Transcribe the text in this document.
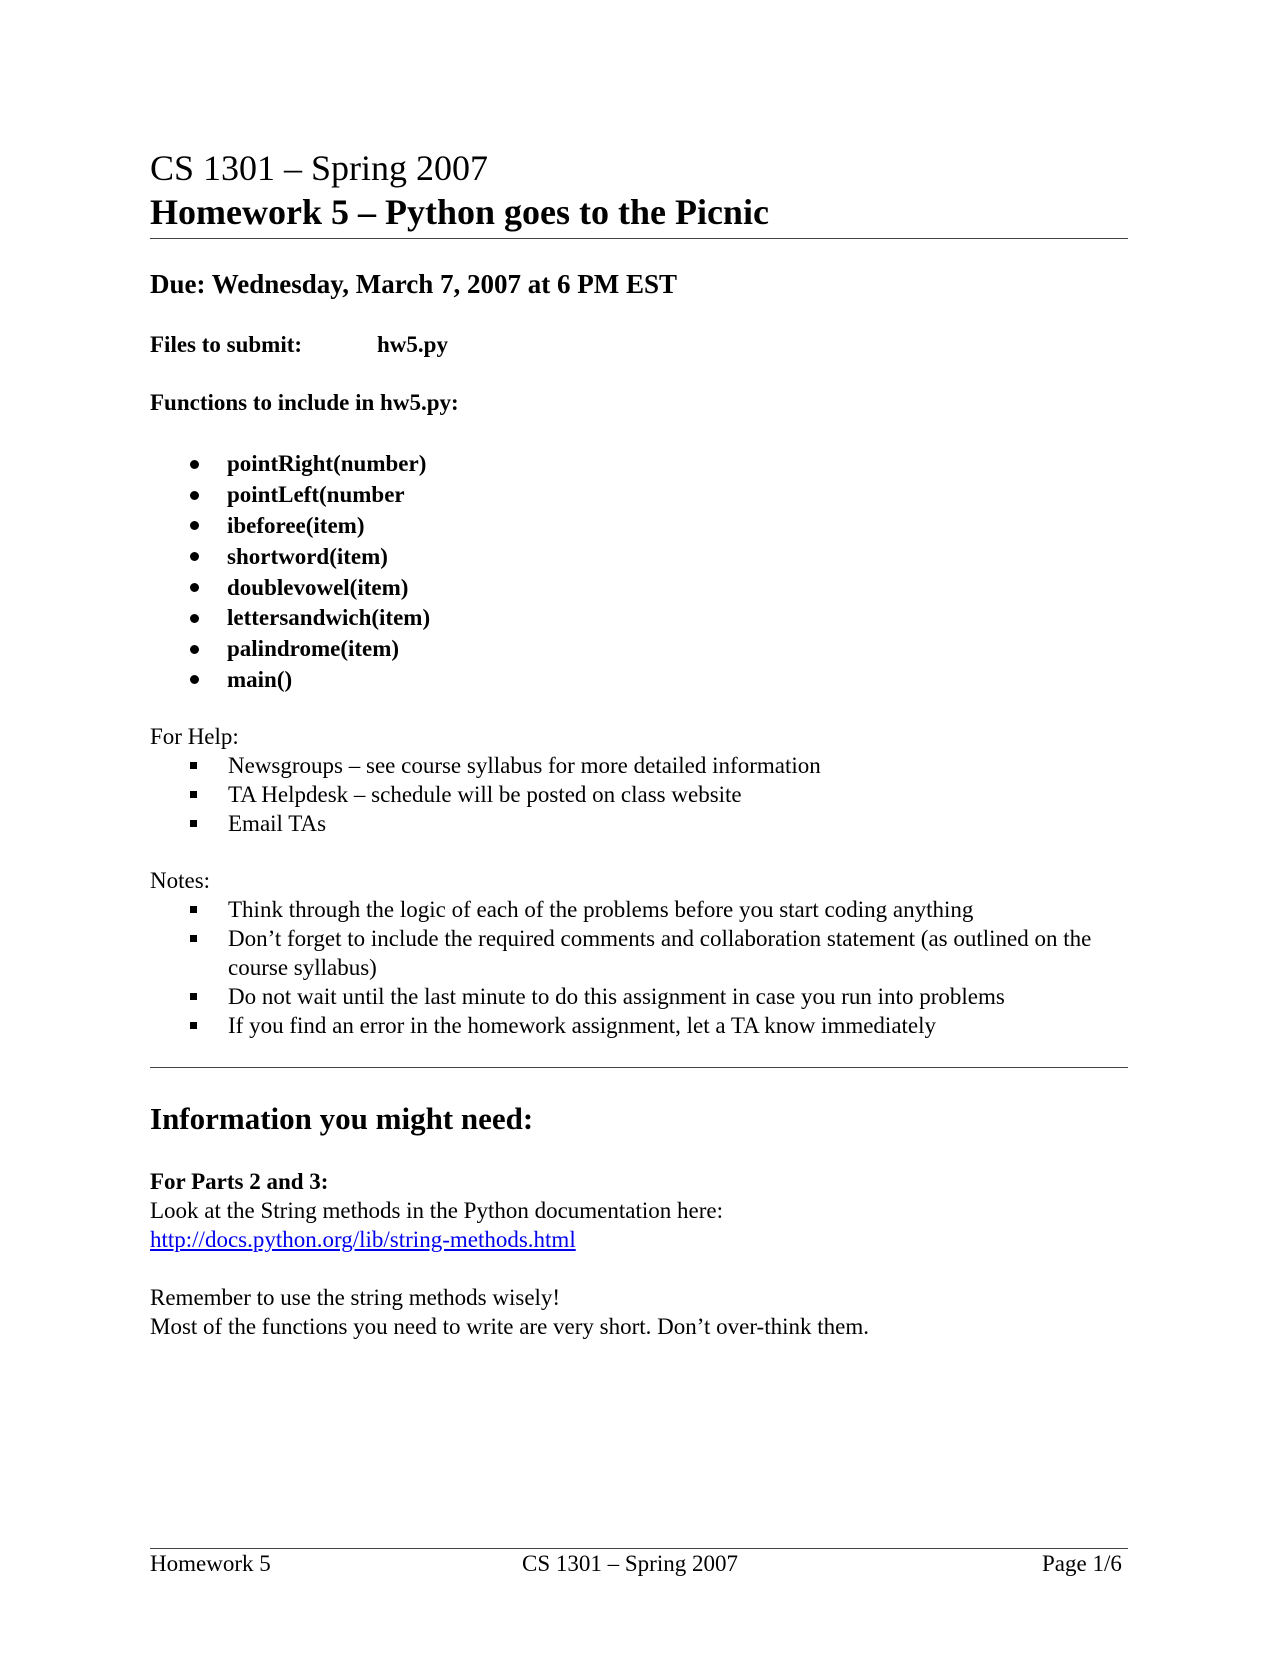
CS 1301 – Spring 2007
Homework 5 – Python goes to the Picnic
Due: Wednesday, March 7, 2007 at 6 PM EST
Files to submit:	hw5.py
Functions to include in hw5.py:
pointRight(number)
pointLeft(number
ibeforee(item)
shortword(item)
doublevowel(item)
lettersandwich(item)
palindrome(item)
main()
For Help:
Newsgroups – see course syllabus for more detailed information
TA Helpdesk – schedule will be posted on class website
Email TAs
Notes:
Think through the logic of each of the problems before you start coding anything
Don’t forget to include the required comments and collaboration statement (as outlined on the course syllabus)
Do not wait until the last minute to do this assignment in case you run into problems
If you find an error in the homework assignment, let a TA know immediately
Information you might need:
For Parts 2 and 3:
Look at the String methods in the Python documentation here:
http://docs.python.org/lib/string-methods.html
Remember to use the string methods wisely!
Most of the functions you need to write are very short. Don’t over-think them.
Homework 5	CS 1301 – Spring 2007	Page 1/6
